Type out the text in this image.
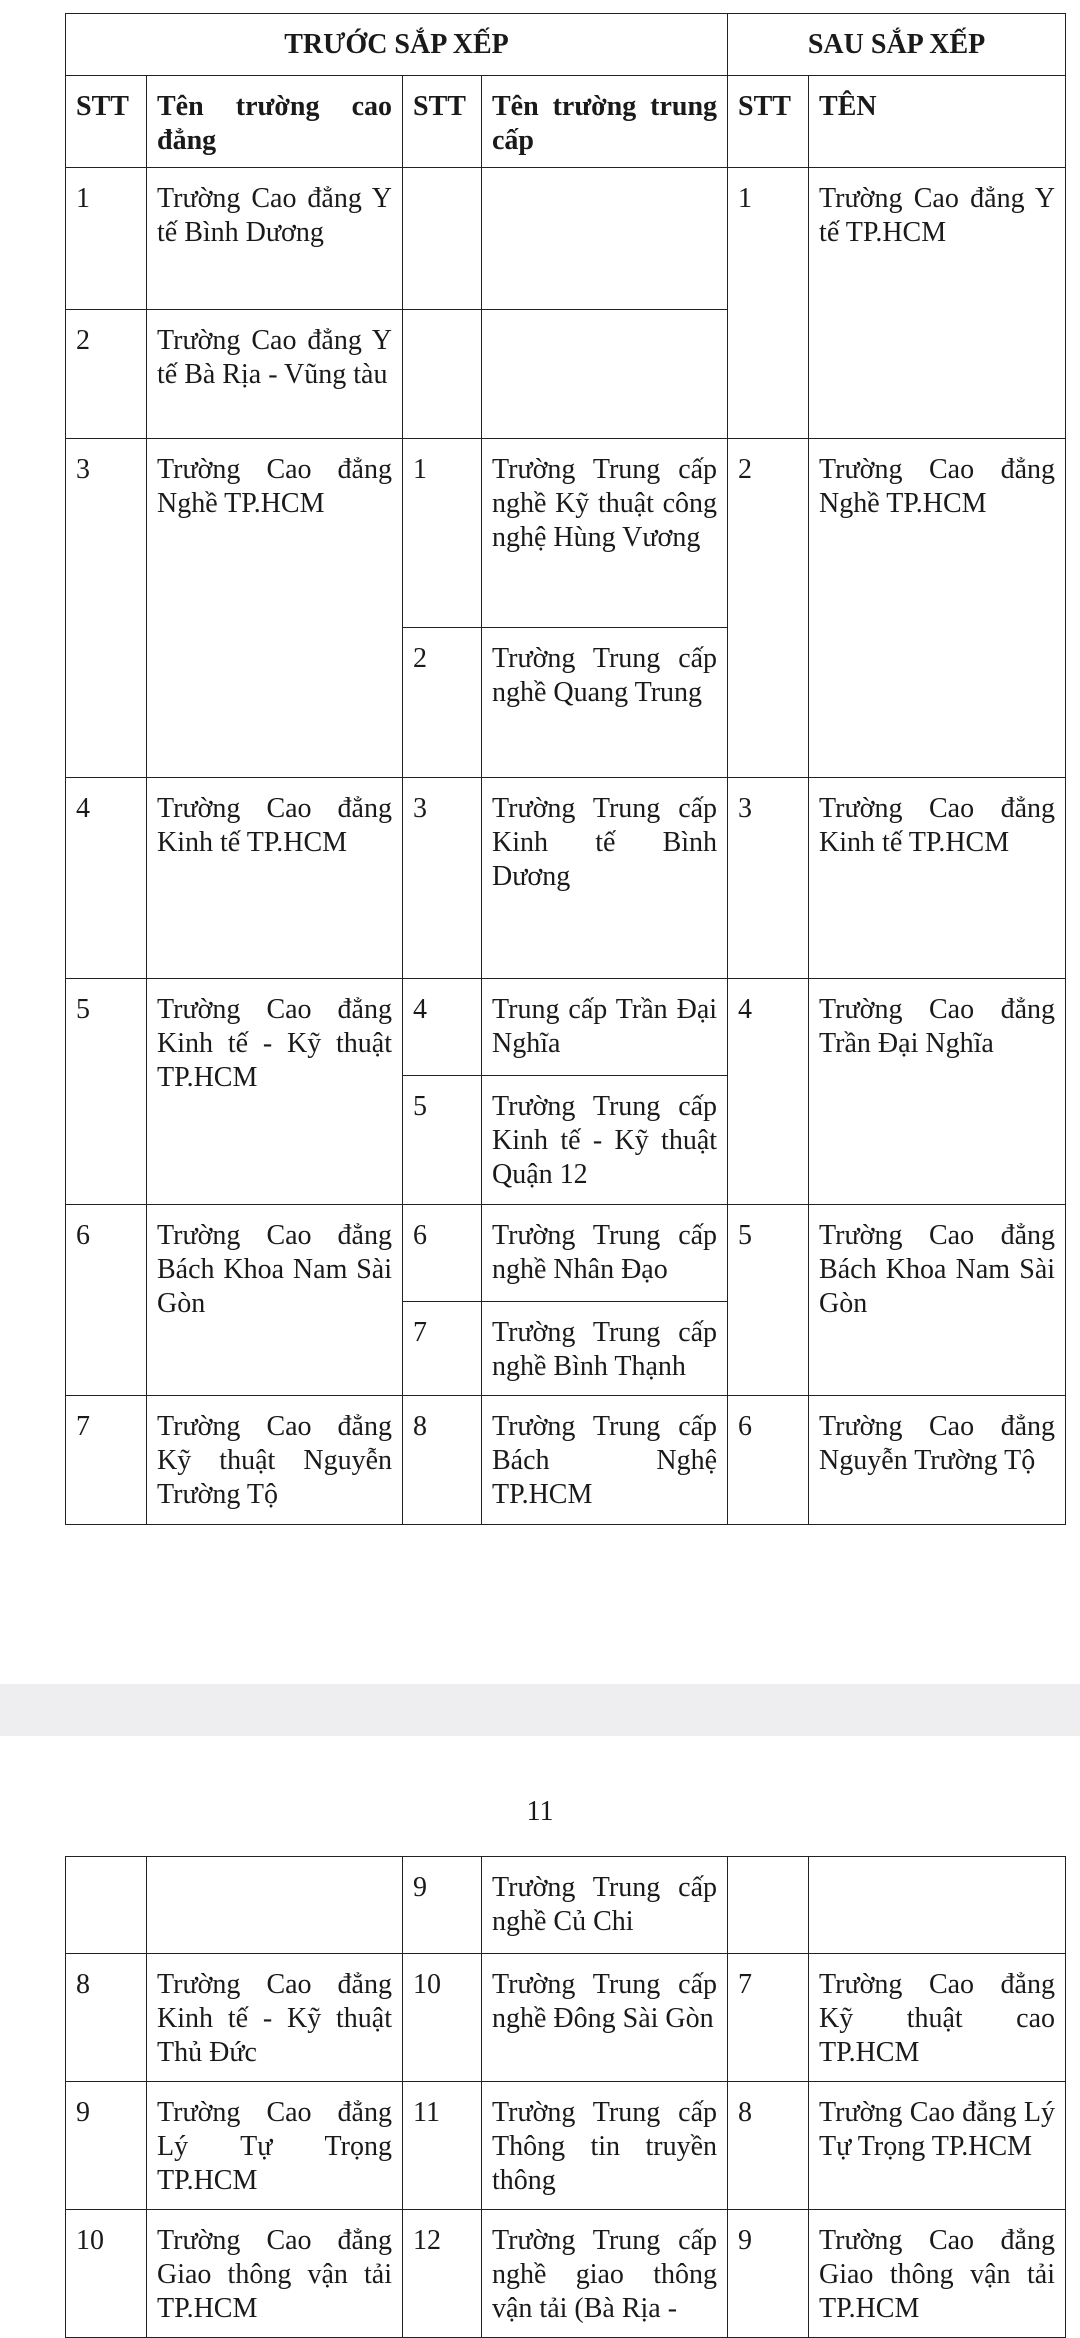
TRƯỚC SẮP XẾP				SAU SẮP XẾP	
STT	Tên trường cao đẳng	STT	Tên trường trung cấp	STT	TÊN
1	Trường Cao đẳng Y tế Bình Dương			1	Trường Cao đẳng Y tế TP.HCM
2	Trường Cao đẳng Y tế Bà Rịa - Vũng tàu				
3	Trường Cao đẳng Nghề TP.HCM	1	Trường Trung cấp nghề Kỹ thuật công nghệ Hùng Vương	2	Trường Cao đẳng Nghề TP.HCM
		2	Trường Trung cấp nghề Quang Trung		
4	Trường Cao đẳng Kinh tế TP.HCM	3	Trường Trung cấp Kinh tế Bình Dương	3	Trường Cao đẳng Kinh tế TP.HCM
5	Trường Cao đẳng Kinh tế - Kỹ thuật TP.HCM	4	Trung cấp Trần Đại Nghĩa	4	Trường Cao đẳng Trần Đại Nghĩa
		5	Trường Trung cấp Kinh tế - Kỹ thuật Quận 12		
6	Trường Cao đẳng Bách Khoa Nam Sài Gòn	6	Trường Trung cấp nghề Nhân Đạo	5	Trường Cao đẳng Bách Khoa Nam Sài Gòn
		7	Trường Trung cấp nghề Bình Thạnh		
7	Trường Cao đẳng Kỹ thuật Nguyễn Trường Tộ	8	Trường Trung cấp Bách Nghệ TP.HCM	6	Trường Cao đẳng Nguyễn Trường Tộ
11
		9	Trường Trung cấp nghề Củ Chi		
8	Trường Cao đẳng Kinh tế - Kỹ thuật Thủ Đức	10	Trường Trung cấp nghề Đông Sài Gòn	7	Trường Cao đẳng Kỹ thuật cao TP.HCM
9	Trường Cao đẳng Lý Tự Trọng TP.HCM	11	Trường Trung cấp Thông tin truyền thông	8	Trường Cao đẳng Lý Tự Trọng TP.HCM
10	Trường Cao đẳng Giao thông vận tải TP.HCM	12	Trường Trung cấp nghề giao thông vận tải (Bà Rịa -	9	Trường Cao đẳng Giao thông vận tải TP.HCM
